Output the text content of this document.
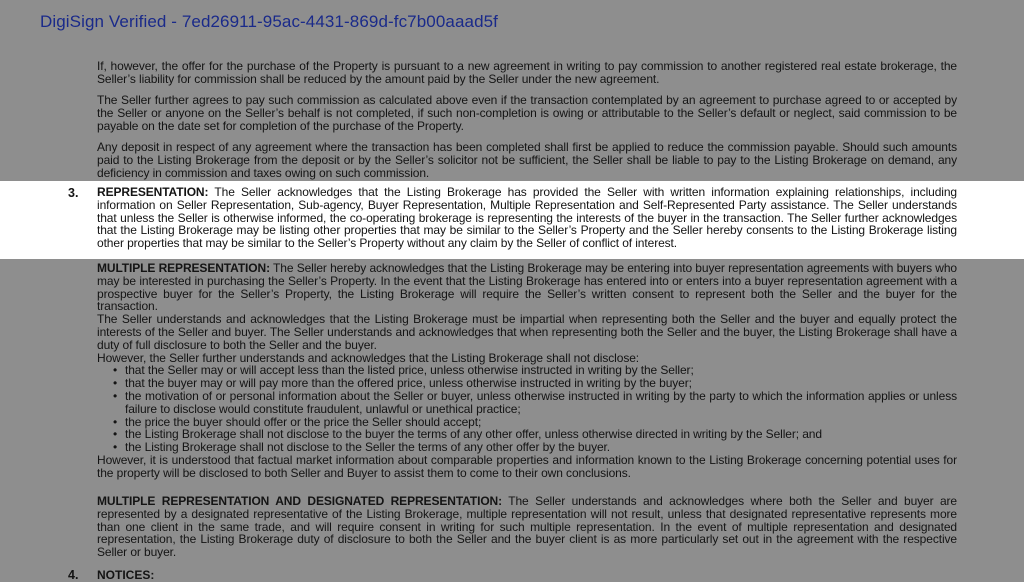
DigiSign Verified - 7ed26911-95ac-4431-869d-fc7b00aaad5f
If, however, the offer for the purchase of the Property is pursuant to a new agreement in writing to pay commission to another registered real estate brokerage, the Seller’s liability for commission shall be reduced by the amount paid by the Seller under the new agreement.
The Seller further agrees to pay such commission as calculated above even if the transaction contemplated by an agreement to purchase agreed to or accepted by the Seller or anyone on the Seller’s behalf is not completed, if such non-completion is owing or attributable to the Seller’s default or neglect, said commission to be payable on the date set for completion of the purchase of the Property.
Any deposit in respect of any agreement where the transaction has been completed shall first be applied to reduce the commission payable. Should such amounts paid to the Listing Brokerage from the deposit or by the Seller’s solicitor not be sufficient, the Seller shall be liable to pay to the Listing Brokerage on demand, any deficiency in commission and taxes owing on such commission.
3. REPRESENTATION: The Seller acknowledges that the Listing Brokerage has provided the Seller with written information explaining relationships, including information on Seller Representation, Sub-agency, Buyer Representation, Multiple Representation and Self-Represented Party assistance. The Seller understands that unless the Seller is otherwise informed, the co-operating brokerage is representing the interests of the buyer in the transaction. The Seller further acknowledges that the Listing Brokerage may be listing other properties that may be similar to the Seller’s Property and the Seller hereby consents to the Listing Brokerage listing other properties that may be similar to the Seller’s Property without any claim by the Seller of conflict of interest.
MULTIPLE REPRESENTATION: The Seller hereby acknowledges that the Listing Brokerage may be entering into buyer representation agreements with buyers who may be interested in purchasing the Seller’s Property. In the event that the Listing Brokerage has entered into or enters into a buyer representation agreement with a prospective buyer for the Seller’s Property, the Listing Brokerage will require the Seller’s written consent to represent both the Seller and the buyer for the transaction.
The Seller understands and acknowledges that the Listing Brokerage must be impartial when representing both the Seller and the buyer and equally protect the interests of the Seller and buyer. The Seller understands and acknowledges that when representing both the Seller and the buyer, the Listing Brokerage shall have a duty of full disclosure to both the Seller and the buyer.
However, the Seller further understands and acknowledges that the Listing Brokerage shall not disclose:
• that the Seller may or will accept less than the listed price, unless otherwise instructed in writing by the Seller;
• that the buyer may or will pay more than the offered price, unless otherwise instructed in writing by the buyer;
• the motivation of or personal information about the Seller or buyer, unless otherwise instructed in writing by the party to which the information applies or unless failure to disclose would constitute fraudulent, unlawful or unethical practice;
• the price the buyer should offer or the price the Seller should accept;
• the Listing Brokerage shall not disclose to the buyer the terms of any other offer, unless otherwise directed in writing by the Seller; and
• the Listing Brokerage shall not disclose to the Seller the terms of any other offer by the buyer.
However, it is understood that factual market information about comparable properties and information known to the Listing Brokerage concerning potential uses for the property will be disclosed to both Seller and Buyer to assist them to come to their own conclusions.
MULTIPLE REPRESENTATION AND DESIGNATED REPRESENTATION: The Seller understands and acknowledges where both the Seller and buyer are represented by a designated representative of the Listing Brokerage, multiple representation will not result, unless that designated representative represents more than one client in the same trade, and will require consent in writing for such multiple representation. In the event of multiple representation and designated representation, the Listing Brokerage duty of disclosure to both the Seller and the buyer client is as more particularly set out in the agreement with the respective Seller or buyer.
4. NOTICES:
